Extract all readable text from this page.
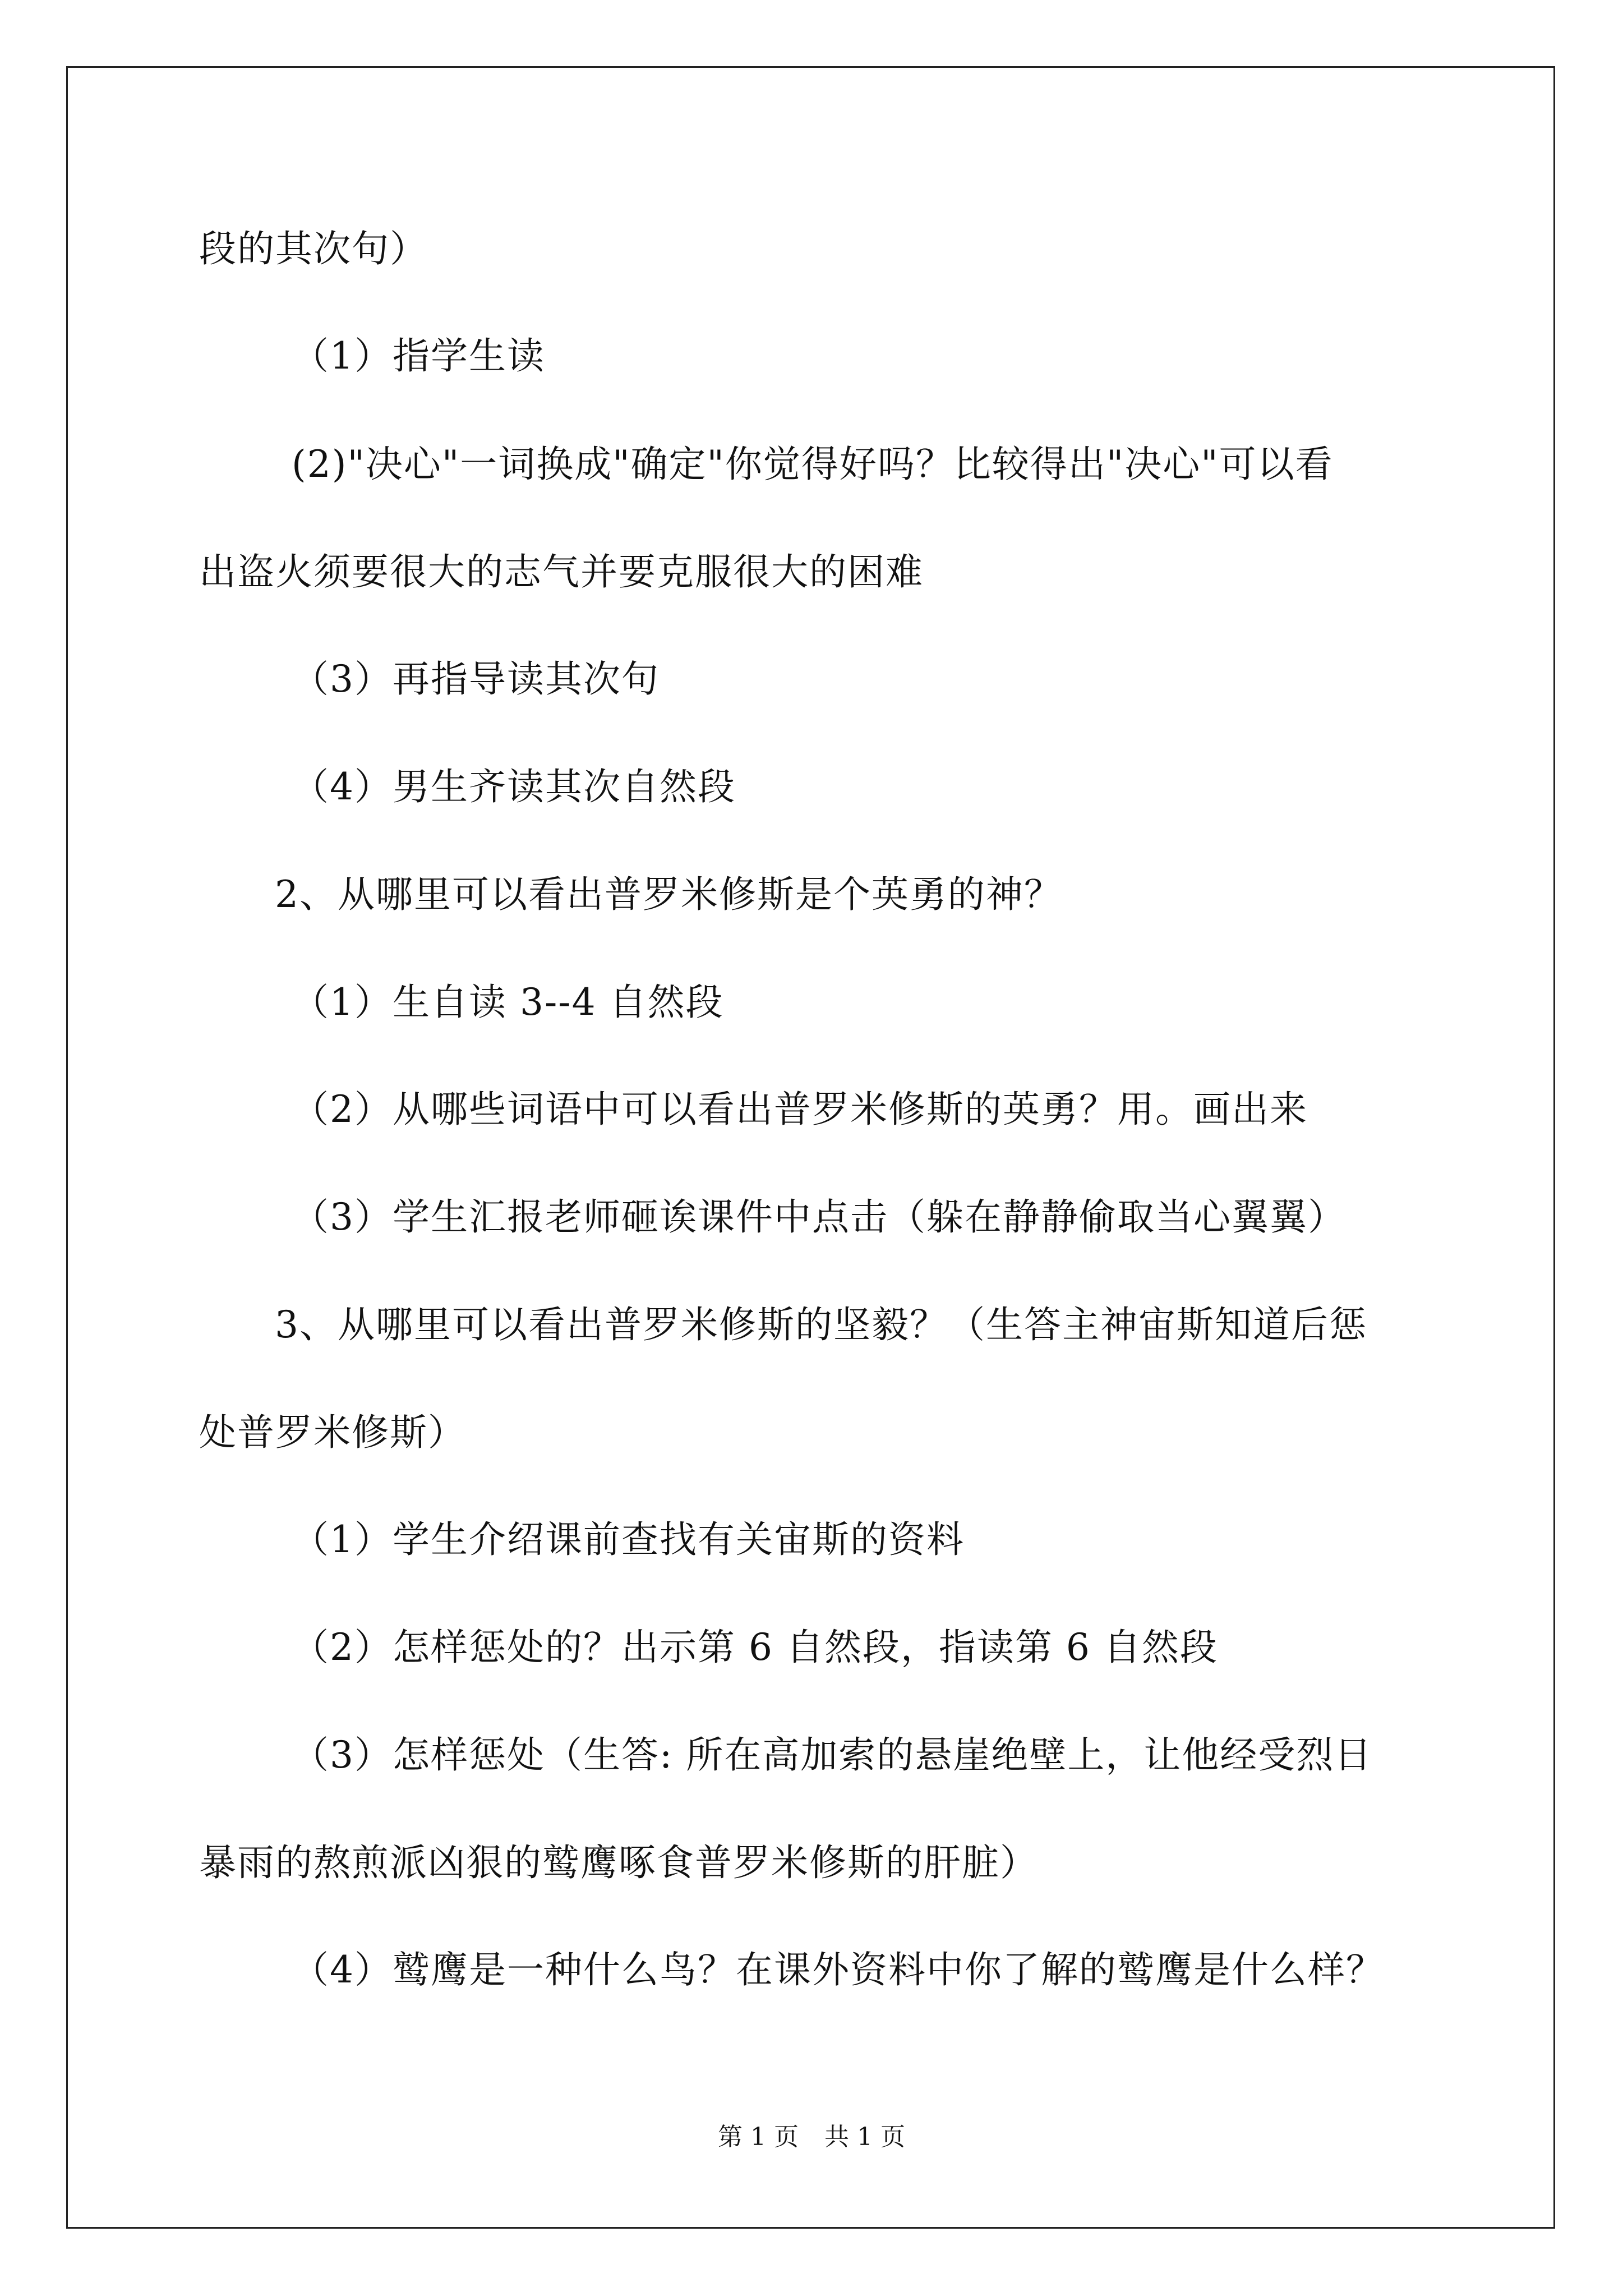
段的其次句）
（1）指学生读
(2)"决心"一词换成"确定"你觉得好吗？比较得出"决心"可以看
出盗火须要很大的志气并要克服很大的困难
（3）再指导读其次句
（4）男生齐读其次自然段
2、从哪里可以看出普罗米修斯是个英勇的神？
（1）生自读 3--4 自然段
（2）从哪些词语中可以看出普罗米修斯的英勇？用。画出来
（3）学生汇报老师砸诶课件中点击（躲在静静偷取当心翼翼）
3、从哪里可以看出普罗米修斯的坚毅？（生答主神宙斯知道后惩
处普罗米修斯）
（1）学生介绍课前查找有关宙斯的资料
（2）怎样惩处的？出示第 6 自然段，指读第 6 自然段
（3）怎样惩处（生答: 所在高加索的悬崖绝壁上，让他经受烈日
暴雨的熬煎派凶狠的鹫鹰啄食普罗米修斯的肝脏）
（4）鹫鹰是一种什么鸟？在课外资料中你了解的鹫鹰是什么样？
第 1 页 共 1 页
